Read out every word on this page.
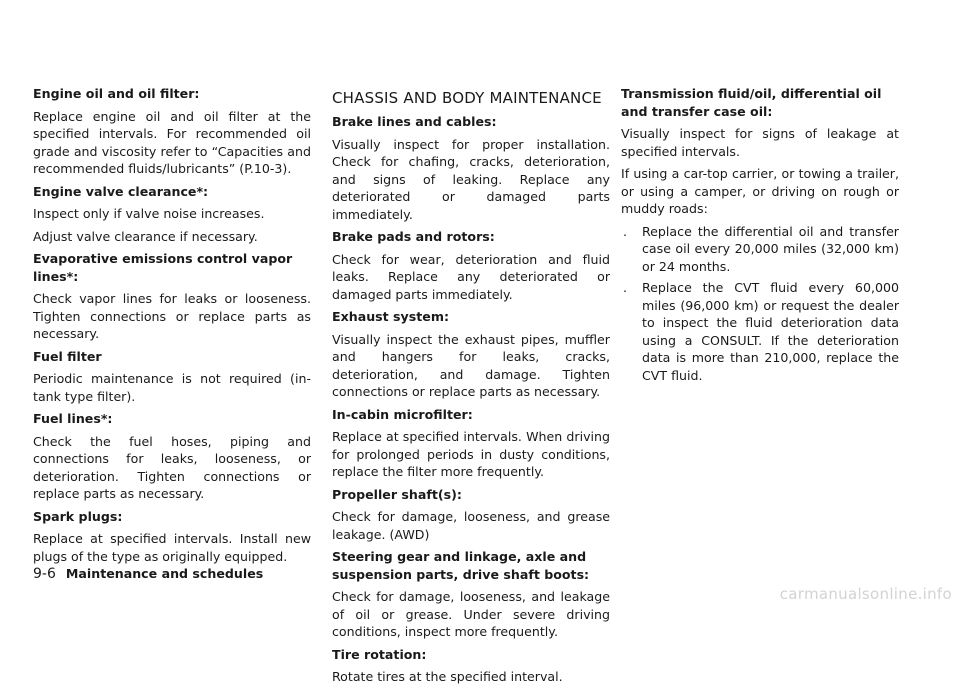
Engine oil and oil filter:
Replace engine oil and oil filter at the specified intervals. For recommended oil grade and viscosity refer to “Capacities and recommended fluids/lubricants” (P.10-3).
Engine valve clearance*:
Inspect only if valve noise increases.
Adjust valve clearance if necessary.
Evaporative emissions control vapor lines*:
Check vapor lines for leaks or looseness. Tighten connections or replace parts as necessary.
Fuel filter
Periodic maintenance is not required (in-tank type filter).
Fuel lines*:
Check the fuel hoses, piping and connections for leaks, looseness, or deterioration. Tighten connections or replace parts as necessary.
Spark plugs:
Replace at specified intervals. Install new plugs of the type as originally equipped.
CHASSIS AND BODY MAINTENANCE
Brake lines and cables:
Visually inspect for proper installation. Check for chafing, cracks, deterioration, and signs of leaking. Replace any deteriorated or damaged parts immediately.
Brake pads and rotors:
Check for wear, deterioration and fluid leaks. Replace any deteriorated or damaged parts immediately.
Exhaust system:
Visually inspect the exhaust pipes, muffler and hangers for leaks, cracks, deterioration, and damage. Tighten connections or replace parts as necessary.
In-cabin microfilter:
Replace at specified intervals. When driving for prolonged periods in dusty conditions, replace the filter more frequently.
Propeller shaft(s):
Check for damage, looseness, and grease leakage. (AWD)
Steering gear and linkage, axle and suspension parts, drive shaft boots:
Check for damage, looseness, and leakage of oil or grease. Under severe driving conditions, inspect more frequently.
Tire rotation:
Rotate tires at the specified interval.
Transmission fluid/oil, differential oil and transfer case oil:
Visually inspect for signs of leakage at specified intervals.
If using a car-top carrier, or towing a trailer, or using a camper, or driving on rough or muddy roads:
. Replace the differential oil and transfer case oil every 20,000 miles (32,000 km) or 24 months.
. Replace the CVT fluid every 60,000 miles (96,000 km) or request the dealer to inspect the fluid deterioration data using a CONSULT. If the deterioration data is more than 210,000, replace the CVT fluid.
9-6 Maintenance and schedules
carmanualsonline.info
